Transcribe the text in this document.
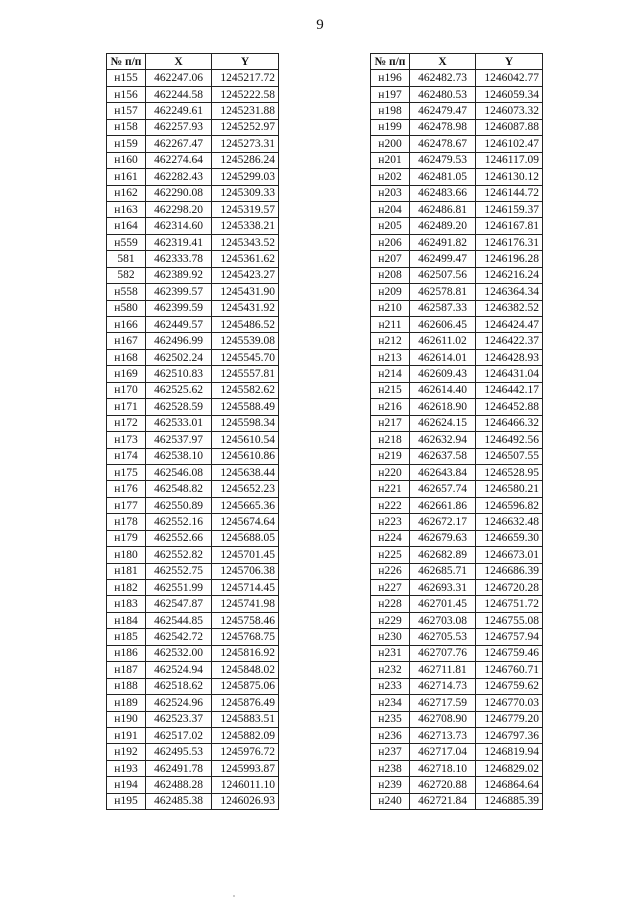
9
№ п/п	X	Y
н155	462247.06	1245217.72
н156	462244.58	1245222.58
н157	462249.61	1245231.88
н158	462257.93	1245252.97
н159	462267.47	1245273.31
н160	462274.64	1245286.24
н161	462282.43	1245299.03
н162	462290.08	1245309.33
н163	462298.20	1245319.57
н164	462314.60	1245338.21
н559	462319.41	1245343.52
581	462333.78	1245361.62
582	462389.92	1245423.27
н558	462399.57	1245431.90
н580	462399.59	1245431.92
н166	462449.57	1245486.52
н167	462496.99	1245539.08
н168	462502.24	1245545.70
н169	462510.83	1245557.81
н170	462525.62	1245582.62
н171	462528.59	1245588.49
н172	462533.01	1245598.34
н173	462537.97	1245610.54
н174	462538.10	1245610.86
н175	462546.08	1245638.44
н176	462548.82	1245652.23
н177	462550.89	1245665.36
н178	462552.16	1245674.64
н179	462552.66	1245688.05
н180	462552.82	1245701.45
н181	462552.75	1245706.38
н182	462551.99	1245714.45
н183	462547.87	1245741.98
н184	462544.85	1245758.46
н185	462542.72	1245768.75
н186	462532.00	1245816.92
н187	462524.94	1245848.02
н188	462518.62	1245875.06
н189	462524.96	1245876.49
н190	462523.37	1245883.51
н191	462517.02	1245882.09
н192	462495.53	1245976.72
н193	462491.78	1245993.87
н194	462488.28	1246011.10
н195	462485.38	1246026.93
№ п/п	X	Y
н196	462482.73	1246042.77
н197	462480.53	1246059.34
н198	462479.47	1246073.32
н199	462478.98	1246087.88
н200	462478.67	1246102.47
н201	462479.53	1246117.09
н202	462481.05	1246130.12
н203	462483.66	1246144.72
н204	462486.81	1246159.37
н205	462489.20	1246167.81
н206	462491.82	1246176.31
н207	462499.47	1246196.28
н208	462507.56	1246216.24
н209	462578.81	1246364.34
н210	462587.33	1246382.52
н211	462606.45	1246424.47
н212	462611.02	1246422.37
н213	462614.01	1246428.93
н214	462609.43	1246431.04
н215	462614.40	1246442.17
н216	462618.90	1246452.88
н217	462624.15	1246466.32
н218	462632.94	1246492.56
н219	462637.58	1246507.55
н220	462643.84	1246528.95
н221	462657.74	1246580.21
н222	462661.86	1246596.82
н223	462672.17	1246632.48
н224	462679.63	1246659.30
н225	462682.89	1246673.01
н226	462685.71	1246686.39
н227	462693.31	1246720.28
н228	462701.45	1246751.72
н229	462703.08	1246755.08
н230	462705.53	1246757.94
н231	462707.76	1246759.46
н232	462711.81	1246760.71
н233	462714.73	1246759.62
н234	462717.59	1246770.03
н235	462708.90	1246779.20
н236	462713.73	1246797.36
н237	462717.04	1246819.94
н238	462718.10	1246829.02
н239	462720.88	1246864.64
н240	462721.84	1246885.39
